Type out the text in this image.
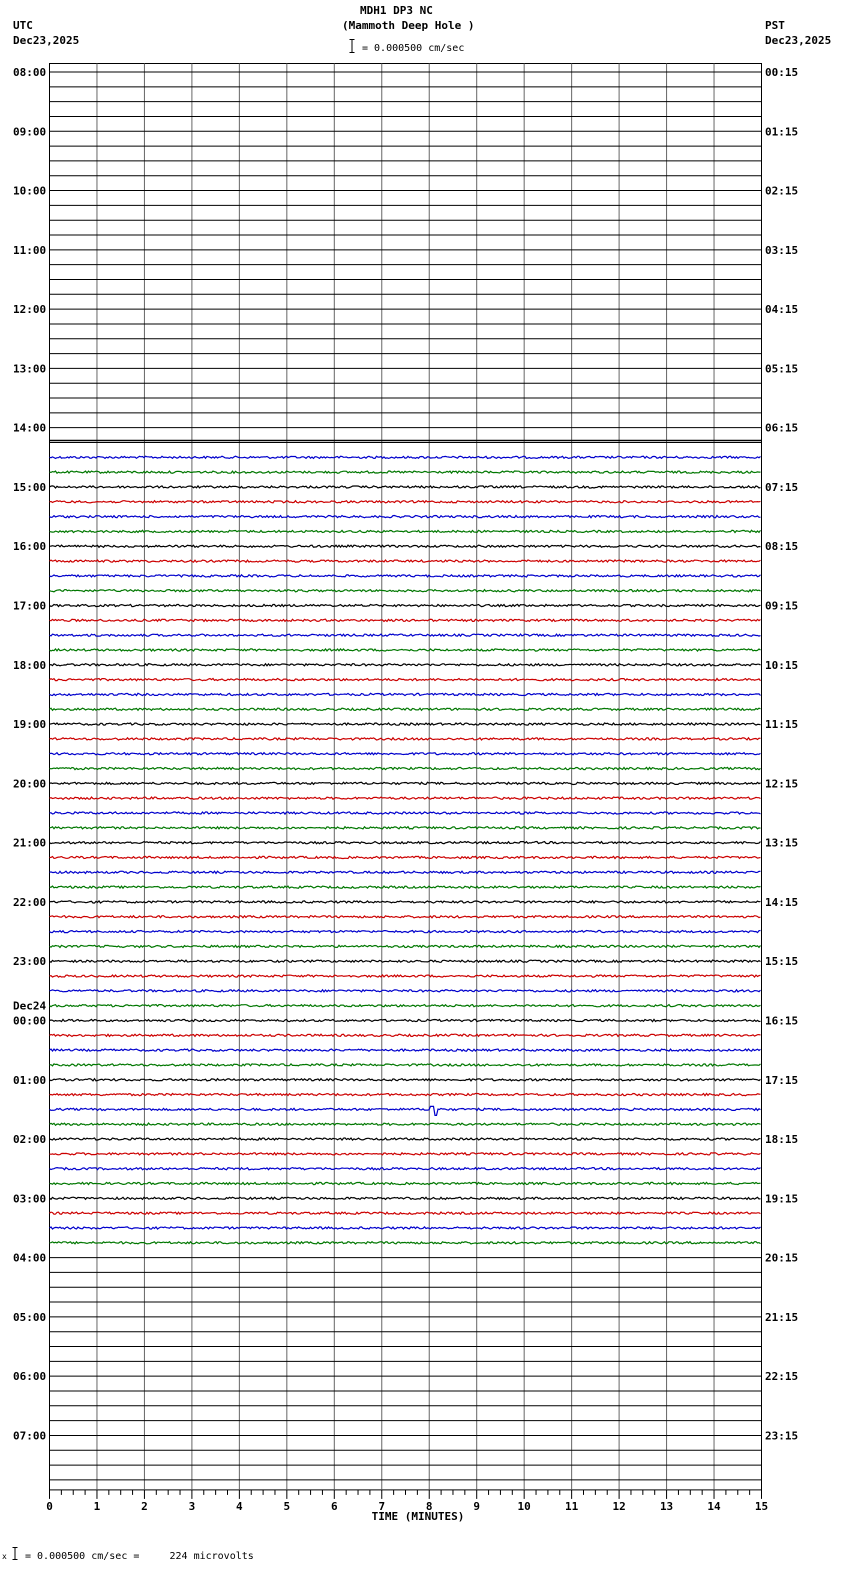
MDH1 DP3 NC
(Mammoth Deep Hole )
UTC
Dec23,2025
PST
Dec23,2025
= 0.000500 cm/sec
08:00
09:00
10:00
11:00
12:00
13:00
14:00
15:00
16:00
17:00
18:00
19:00
20:00
21:00
22:00
23:00
00:00
Dec24
01:00
02:00
03:00
04:00
05:00
06:00
07:00
00:15
01:15
02:15
03:15
04:15
05:15
06:15
07:15
08:15
09:15
10:15
11:15
12:15
13:15
14:15
15:15
16:15
17:15
18:15
19:15
20:15
21:15
22:15
23:15
0	1	2	3	4	5	6	7	8	9	10	11	12	13	14	15
TIME (MINUTES)
x = 0.000500 cm/sec =     224 microvolts
